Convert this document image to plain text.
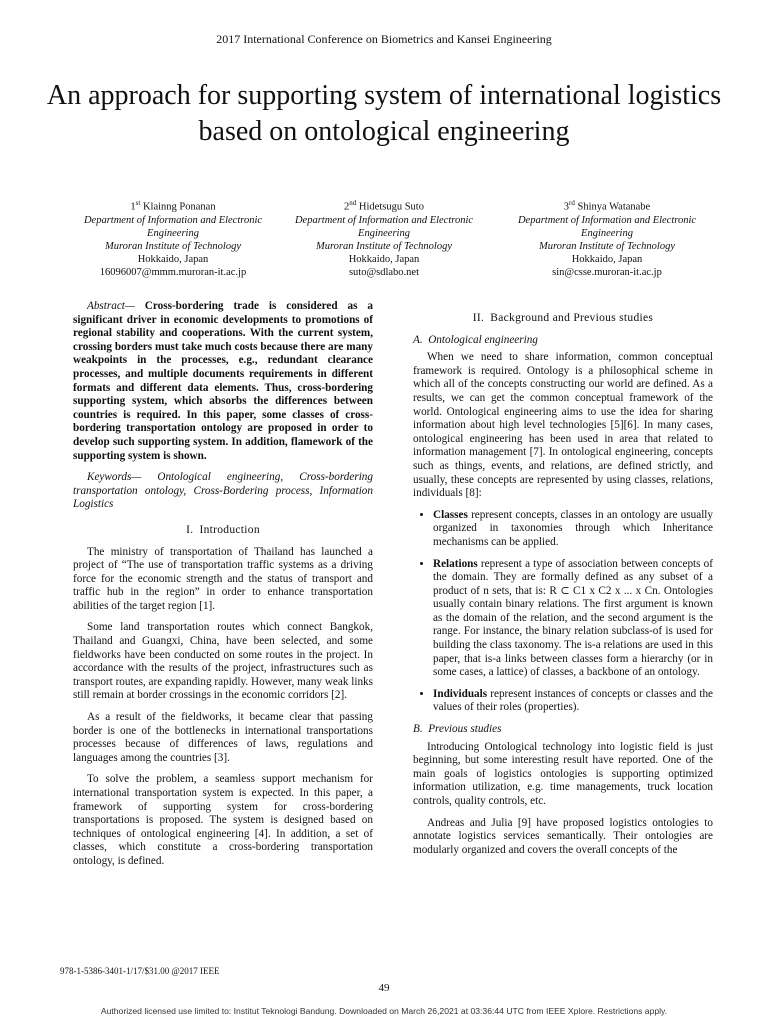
2017 International Conference on Biometrics and Kansei Engineering
An approach for supporting system of international logistics based on ontological engineering
1st Klainng Ponanan
Department of Information and Electronic Engineering
Muroran Institute of Technology
Hokkaido, Japan
16096007@mmm.muroran-it.ac.jp
2nd Hidetsugu Suto
Department of Information and Electronic Engineering
Muroran Institute of Technology
Hokkaido, Japan
suto@sdlabo.net
3rd Shinya Watanabe
Department of Information and Electronic Engineering
Muroran Institute of Technology
Hokkaido, Japan
sin@csse.muroran-it.ac.jp

Abstract— Cross-bordering trade is considered as a significant driver in economic developments to promotions of regional stability and cooperations. With the current system, crossing borders must take much costs because there are many weakpoints in the processes, e.g., redundant clearance processes, and multiple documents requirements in different formats and different data elements. Thus, cross-bordering supporting system, which absorbs the differences between countries is required. In this paper, some classes of cross-bordering transportation ontology are proposed in order to develop such supporting system. In addition, flamework of the supporting system is shown.

Keywords— Ontological engineering, Cross-bordering transportation ontology, Cross-Bordering process, Information Logistics

I. Introduction

The ministry of transportation of Thailand has launched a project of “The use of transportation traffic systems as a driving force for the economic strength and the status of transport and traffic hub in the region” in order to enhance transportation abilities of the target region [1].

Some land transportation routes which connect Bangkok, Thailand and Guangxi, China, have been selected, and some fieldworks have been conducted on some routes in the project. In accordance with the results of the project, infrastructures such as transport routes, are expanding rapidly. However, many weak links still remain at border crossings in the economic corridors [2].

As a result of the fieldworks, it became clear that passing border is one of the bottlenecks in international transportations processes because of differences of laws, regulations and languages among the countries [3].

To solve the problem, a seamless support mechanism for international transportation system is expected. In this paper, a framework of supporting system for cross-bordering transportations is proposed. The system is designed based on techniques of ontological engineering [4]. In addition, a set of classes, which constitute a cross-bordering transportation ontology, is defined.

II. Background and Previous studies
A. Ontological engineering

When we need to share information, common conceptual framework is required. Ontology is a philosophical scheme in which all of the concepts constructing our world are defined. As a results, we can get the common conceptual framework of the world. Ontological engineering aims to use the idea for sharing information about high level technologies [5][6]. In many cases, ontological engineering has been used in area that related to information management [7]. In ontological engineering, concepts such as things, events, and relations, are defined strictly, and usually, these concepts are represented by using classes, relations, individuals [8]:

• Classes represent concepts, classes in an ontology are usually organized in taxonomies through which Inheritance mechanisms can be applied.
• Relations represent a type of association between concepts of the domain. They are formally defined as any subset of a product of n sets, that is: R ⊂ C1 x C2 x ... x Cn. Ontologies usually contain binary relations. The first argument is known as the domain of the relation, and the second argument is the range. For instance, the binary relation subclass-of is used for building the class taxonomy. The is-a relations are used in this paper, that is-a links between classes form a hierarchy (or in some cases, a lattice) of classes, a backbone of an ontology.
• Individuals represent instances of concepts or classes and the values of their roles (properties).
B. Previous studies

Introducing Ontological technology into logistic field is just beginning, but some interesting result have reported. One of the main goals of logistics ontologies is supporting optimized information utilization, e.g. time managements, truck location controls, quality controls, etc.

Andreas and Julia [9] have proposed logistics ontologies to annotate logistics services semantically. Their ontologies are modularly organized and covers the overall concepts of the

978-1-5386-3401-1/17/$31.00 @2017 IEEE
49
Authorized licensed use limited to: Institut Teknologi Bandung. Downloaded on March 26,2021 at 03:36:44 UTC from IEEE Xplore. Restrictions apply.
